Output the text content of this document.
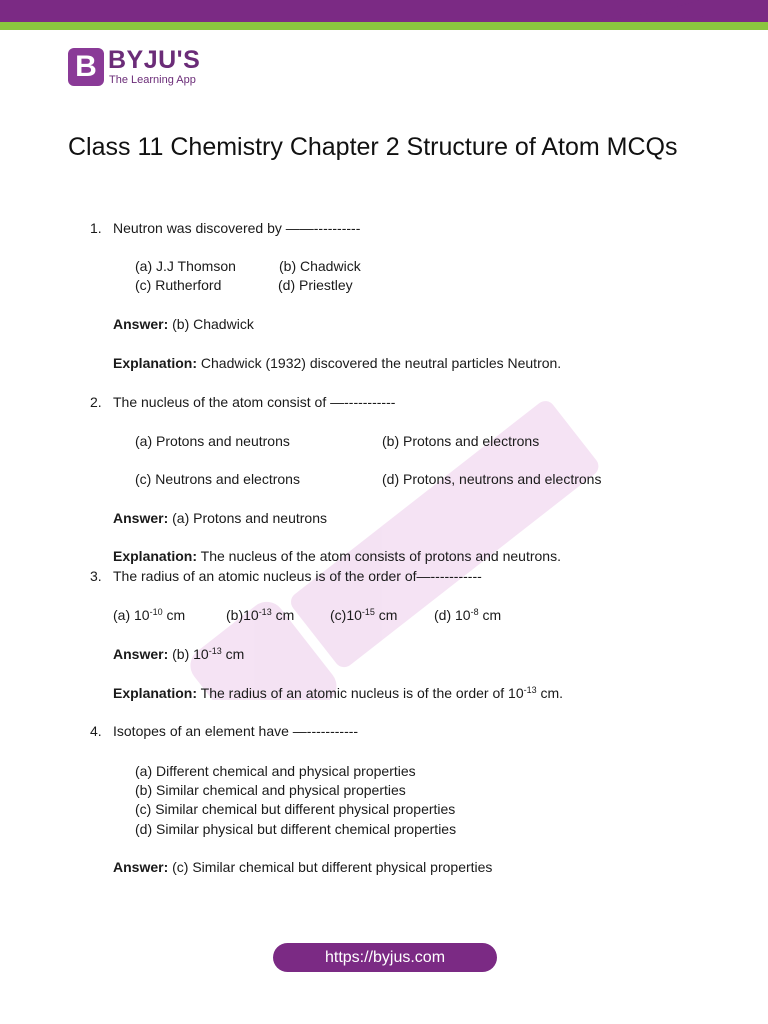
B BYJU'S
The Learning App
Class 11 Chemistry Chapter 2 Structure of Atom MCQs
1. Neutron was discovered by ——----------
(a) J.J Thomson	(b) Chadwick
(c) Rutherford	(d) Priestley
Answer: (b) Chadwick
Explanation: Chadwick (1932) discovered the neutral particles Neutron.
2. The nucleus of the atom consist of —-----------
(a) Protons and neutrons	(b) Protons and electrons
(c) Neutrons and electrons	(d) Protons, neutrons and electrons
Answer: (a) Protons and neutrons
Explanation: The nucleus of the atom consists of protons and neutrons.
3. The radius of an atomic nucleus is of the order of—-----------
(a) $10^{-10}$ cm	$(b)10^{-13}$ cm	$(c)10^{-15}$ cm	(d) $10^{-8}$ cm
Answer: (b) $10^{-13}$ cm
Explanation: The radius of an atomic nucleus is of the order of $10^{-13}$ cm.
4. Isotopes of an element have —-----------
(a) Different chemical and physical properties
(b) Similar chemical and physical properties
(c) Similar chemical but different physical properties
(d) Similar physical but different chemical properties
Answer: (c) Similar chemical but different physical properties
https://byjus.com
